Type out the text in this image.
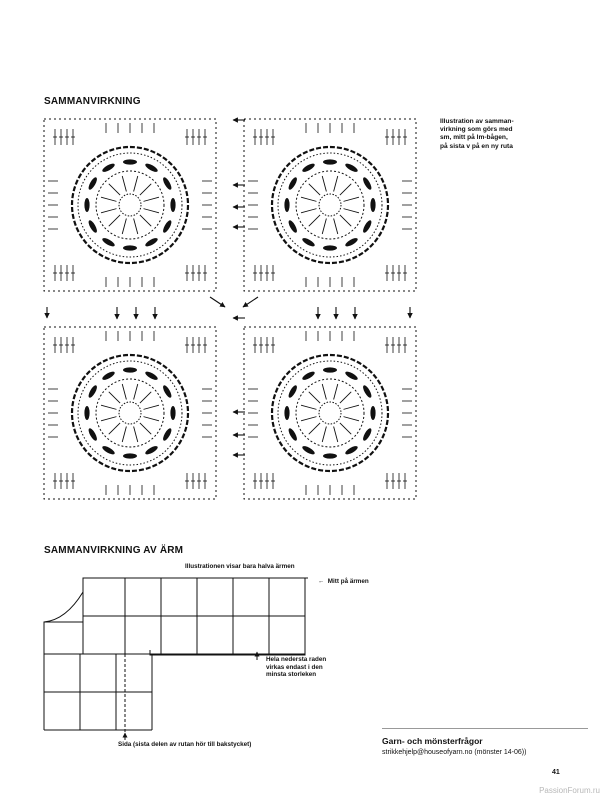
SAMMANVIRKNING
Illustration av samman-
virkning som görs med
sm, mitt på lm-bågen,
på sista v på en ny ruta
SAMMANVIRKNING AV ÄRM
Illustrationen visar bara halva ärmen
←  Mitt på ärmen
Hela nedersta raden
virkas endast i den
minsta storleken
Sida (sista delen av rutan hör till bakstycket)	Garn- och mönsterfrågor
strikkehjelp@houseofyarn.no (mönster 14-06))
41
PassionForum.ru
